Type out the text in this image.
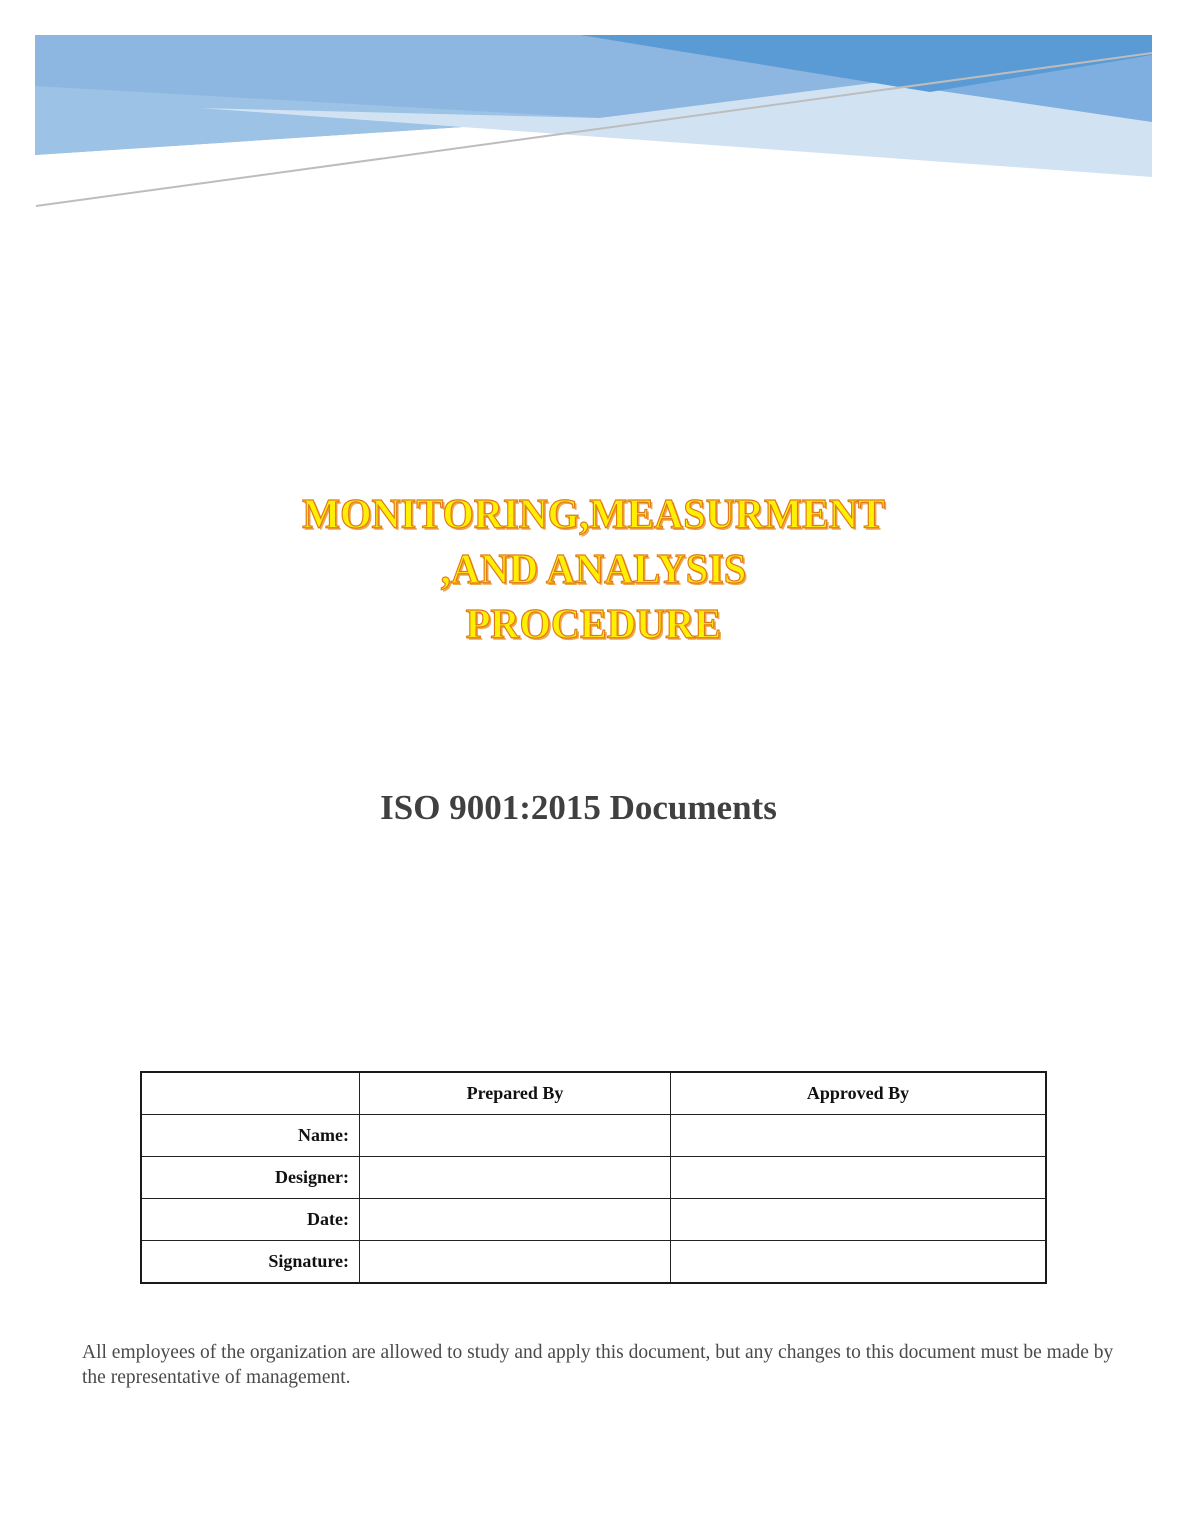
MONITORING,MEASURMENT
,AND ANALYSIS
PROCEDURE
ISO 9001:2015 Documents
	Prepared By	Approved By
Name:		
Designer:		
Date:		
Signature:		

All employees of the organization are allowed to study and apply this document, but any changes to this document must be made by the representative of management.
